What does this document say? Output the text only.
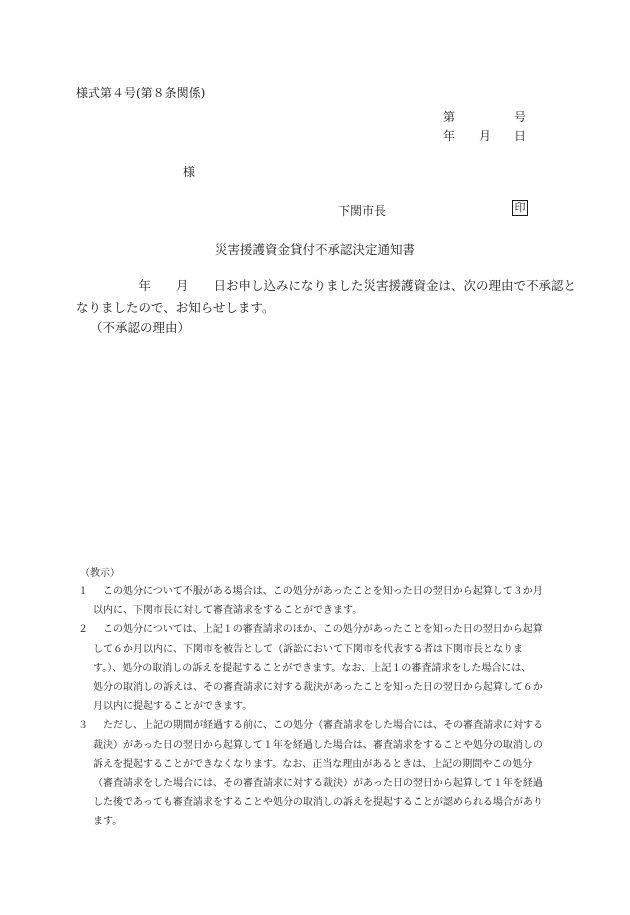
様式第４号(第８条関係)
第	号
年 月 日
様
下関市長	印
災害援護資金貸付不承認決定通知書
　　　　　年　　月　　日お申し込みになりました災害援護資金は、次の理由で不承認と
なりましたので、お知らせします。
（不承認の理由）
（教示）
１ 　この処分について不服がある場合は、この処分があったことを知った日の翌日から起算して３か月
以内に、下関市長に対して審査請求をすることができます。
２ 　この処分については、上記１の審査請求のほか、この処分があったことを知った日の翌日から起算
して６か月以内に、下関市を被告として（訴訟において下関市を代表する者は下関市長となりま
す。）、処分の取消しの訴えを提起することができます。なお、上記１の審査請求をした場合には、
処分の取消しの訴えは、その審査請求に対する裁決があったことを知った日の翌日から起算して６か
月以内に提起することができます。
３ 　ただし、上記の期間が経過する前に、この処分（審査請求をした場合には、その審査請求に対する
裁決）があった日の翌日から起算して１年を経過した場合は、審査請求をすることや処分の取消しの
訴えを提起することができなくなります。なお、正当な理由があるときは、上記の期間やこの処分
（審査請求をした場合には、その審査請求に対する裁決）があった日の翌日から起算して１年を経過
した後であっても審査請求をすることや処分の取消しの訴えを提起することが認められる場合があり
ます。
